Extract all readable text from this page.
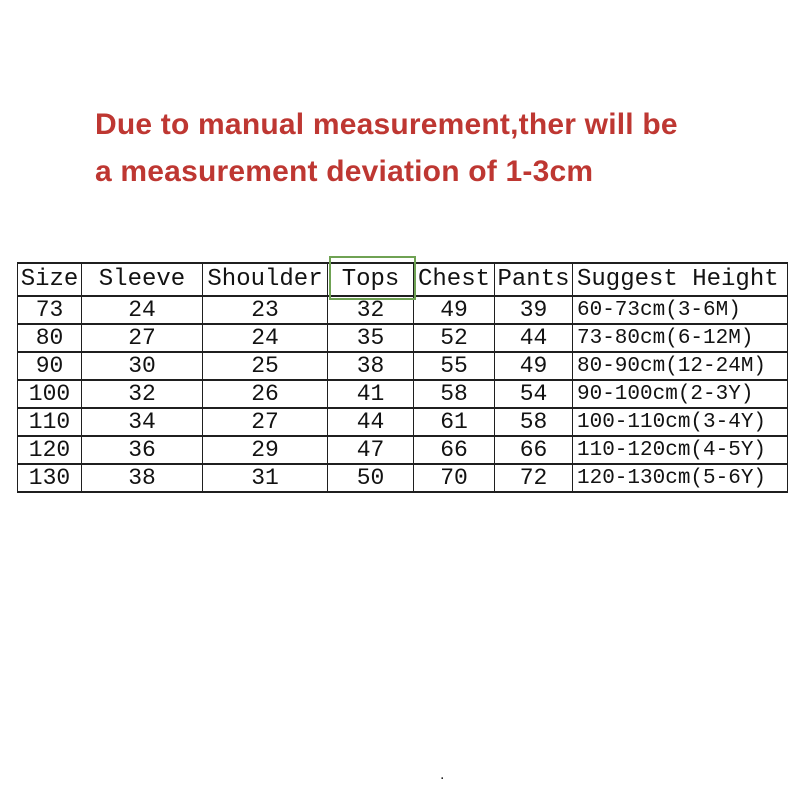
Due to manual measurement,ther will be
a measurement deviation of 1-3cm
Size	Sleeve	Shoulder	Tops	Chest	Pants	Suggest Height
73	24	23	32	49	39	60-73cm(3-6M)
80	27	24	35	52	44	73-80cm(6-12M)
90	30	25	38	55	49	80-90cm(12-24M)
100	32	26	41	58	54	90-100cm(2-3Y)
110	34	27	44	61	58	100-110cm(3-4Y)
120	36	29	47	66	66	110-120cm(4-5Y)
130	38	31	50	70	72	120-130cm(5-6Y)
.
